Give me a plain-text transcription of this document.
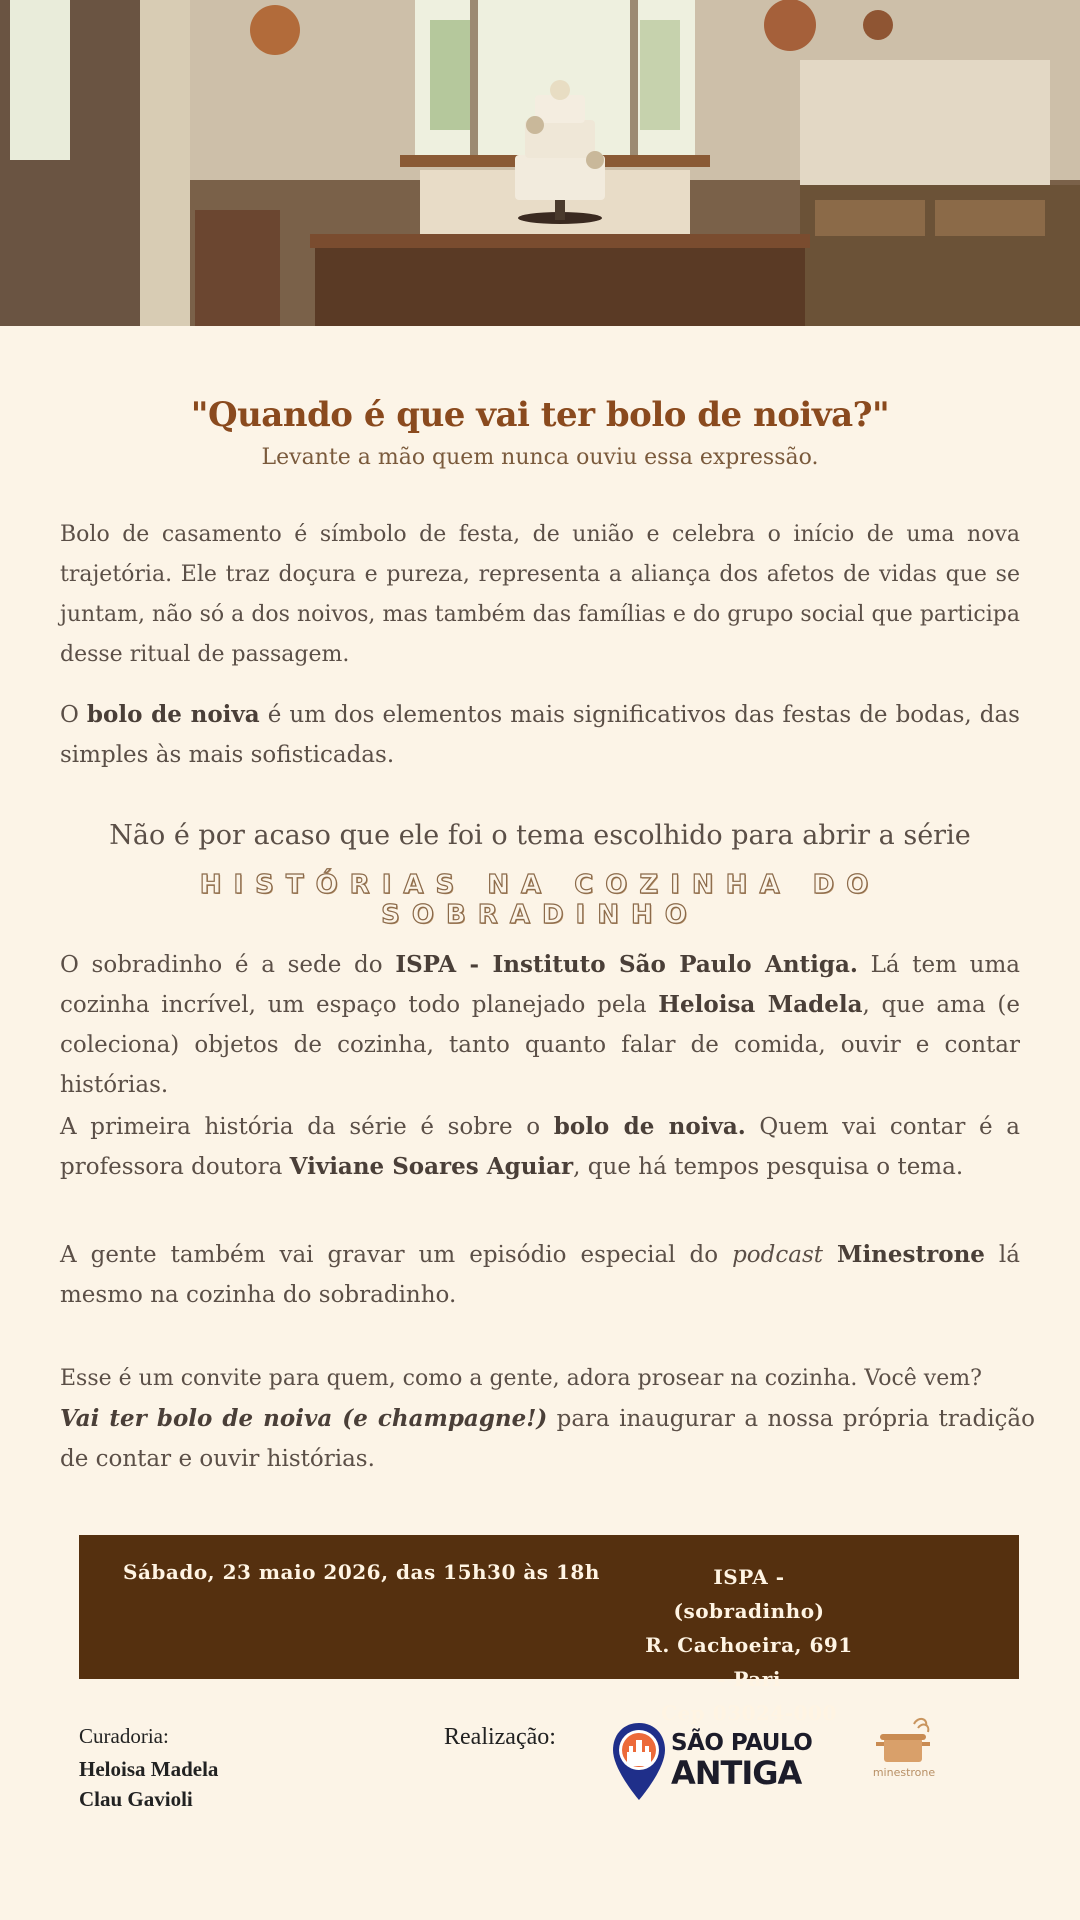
"Quando é que vai ter bolo de noiva?"
Levante a mão quem nunca ouviu essa expressão.

Bolo de casamento é símbolo de festa, de união e celebra o início de uma nova trajetória. Ele traz doçura e pureza, representa a aliança dos afetos de vidas que se juntam, não só a dos noivos, mas também das famílias e do grupo social que participa desse ritual de passagem.

O bolo de noiva é um dos elementos mais significativos das festas de bodas, das simples às mais sofisticadas.

Não é por acaso que ele foi o tema escolhido para abrir a série
HISTÓRIAS NA COZINHA DO SOBRADINHO

O sobradinho é a sede do ISPA - Instituto São Paulo Antiga. Lá tem uma cozinha incrível, um espaço todo planejado pela Heloisa Madela, que ama (e coleciona) objetos de cozinha, tanto quanto falar de comida, ouvir e contar histórias.

A primeira história da série é sobre o bolo de noiva. Quem vai contar é a professora doutora Viviane Soares Aguiar, que há tempos pesquisa o tema.

A gente também vai gravar um episódio especial do podcast Minestrone lá mesmo na cozinha do sobradinho.

Esse é um convite para quem, como a gente, adora prosear na cozinha. Você vem?
Vai ter bolo de noiva (e champagne!) para inaugurar a nossa própria tradição de contar e ouvir histórias.

Sábado, 23 maio 2026, das 15h30 às 18h	ISPA - (sobradinho)
R. Cachoeira, 691 - Pari
Cep 03024-000
Curadoria:
Heloisa Madela
Clau Gavioli
Realização:	SÃO PAULO
ANTIGA	minestrone
